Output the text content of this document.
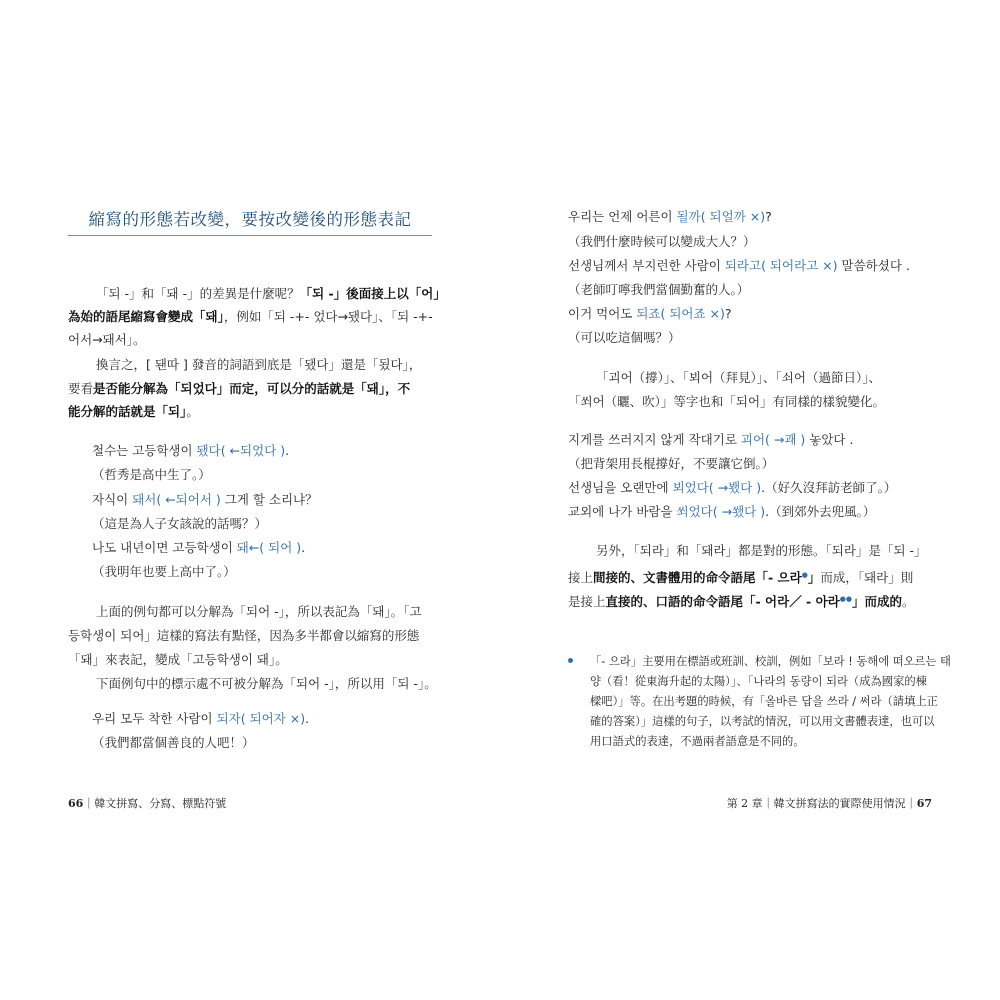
縮寫的形態若改變，要按改變後的形態表記
「되 -」和「돼 -」的差異是什麼呢？「되 -」後面接上以「어」
為始的語尾縮寫會變成「돼」，例如「되 -+- 었다→됐다」、「되 -+-
어서→돼서」。
換言之，[ 됀따 ] 發音的詞語到底是「됐다」還是「됬다」，
要看是否能分解為「되었다」而定，可以分的話就是「돼」，不
能分解的話就是「되」。
철수는 고등학생이 됐다( ←되었다 ).
（哲秀是高中生了。）
자식이 돼서( ←되어서 ) 그게 할 소리냐？
（這是為人子女該說的話嗎？）
나도 내년이면 고등학생이 돼←( 되어 ).
（我明年也要上高中了。）
上面的例句都可以分解為「되어 -」，所以表記為「돼」。「고
등학생이 되어」這樣的寫法有點怪，因為多半都會以縮寫的形態
「돼」來表記，變成「고등학생이 돼」。
下面例句中的標示處不可被分解為「되어 -」，所以用「되 -」。
우리 모두 착한 사람이 되자( 되어자 ×).
（我們都當個善良的人吧！）
66｜韓文拼寫、分寫、標點符號
우리는 언제 어른이 될까( 되얼까 ×)?
（我們什麼時候可以變成大人？）
선생님께서 부지런한 사람이 되라고( 되어라고 ×) 말씀하셨다 .
（老師叮嚀我們當個勤奮的人。）
이거 먹어도 되죠( 되어죠 ×)?
（可以吃這個嗎？）
「괴어（撐）」、「뵈어（拜見）」、「쇠어（過節日）」、
「쐬어（曬、吹）」等字也和「되어」有同樣的樣貌變化。
지게를 쓰러지지 않게 작대기로 괴어( →괘 ) 놓았다 .
（把背架用長棍撐好，不要讓它倒。）
선생님을 오랜만에 뵈었다( →뵀다 ).（好久沒拜訪老師了。）
교외에 나가 바람을 쐬었다( →쐤다 ).（到郊外去兜風。）
另外，「되라」和「돼라」都是對的形態。「되라」是「되 -」
接上間接的、文書體用的命令語尾「- 으라●」而成，「돼라」則
是接上直接的、口語的命令語尾「- 어라／ - 아라●●」而成的。
「- 으라」主要用在標語或班訓、校訓，例如「보라 ! 동해에 떠오르는 태
양（看！從東海升起的太陽）」、「나라의 동량이 되라（成為國家的棟
樑吧）」等。在出考題的時候，有「올바른 답을 쓰라 / 써라（請填上正
確的答案）」這樣的句子，以考試的情況，可以用文書體表達，也可以
用口語式的表達，不過兩者語意是不同的。
第 2 章｜韓文拼寫法的實際使用情況｜67
